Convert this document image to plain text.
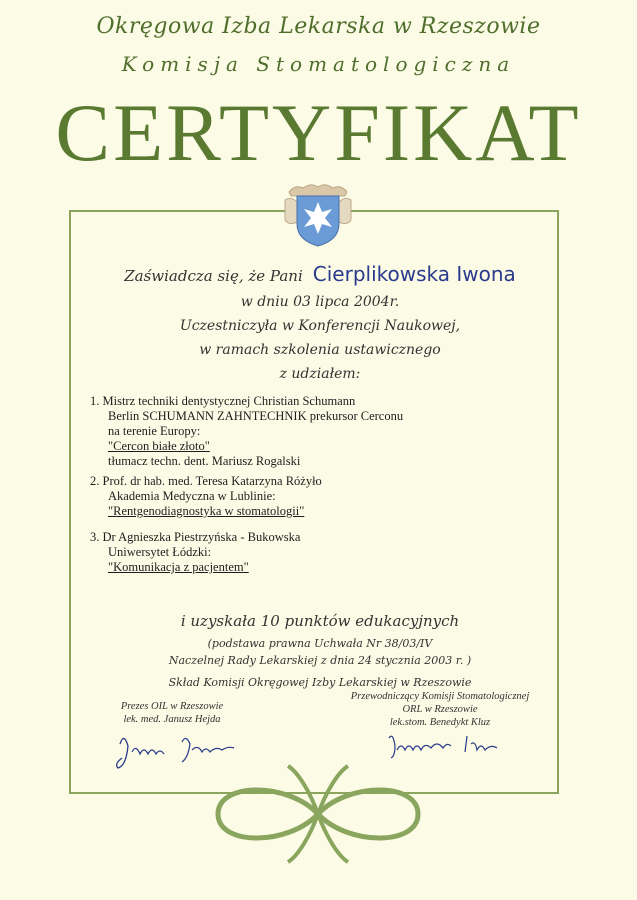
Okręgowa Izba Lekarska w Rzeszowie
Komisja Stomatologiczna
CERTYFIKAT
Zaświadcza się, że Pani Cierplikowska Iwona
w dniu 03 lipca 2004r.
Uczestniczyła w Konferencji Naukowej,
w ramach szkolenia ustawicznego
z udziałem:
1. Mistrz techniki dentystycznej Christian Schumann
Berlin SCHUMANN ZAHNTECHNIK prekursor Cerconu
na terenie Europy:
"Cercon białe złoto"
tłumacz techn. dent. Mariusz Rogalski
2. Prof. dr hab. med. Teresa Katarzyna Różyło
Akademia Medyczna w Lublinie:
"Rentgenodiagnostyka w stomatologii"
3. Dr Agnieszka Piestrzyńska - Bukowska
Uniwersytet Łódzki:
"Komunikacja z pacjentem"
i uzyskała 10 punktów edukacyjnych
(podstawa prawna Uchwała Nr 38/03/IV
Naczelnej Rady Lekarskiej z dnia 24 stycznia 2003 r. )
Skład Komisji Okręgowej Izby Lekarskiej w Rzeszowie
Prezes OIL w Rzeszowie
lek. med. Janusz Hejda
Przewodniczący Komisji Stomatologicznej
ORL w Rzeszowie
lek.stom. Benedykt Kluz
